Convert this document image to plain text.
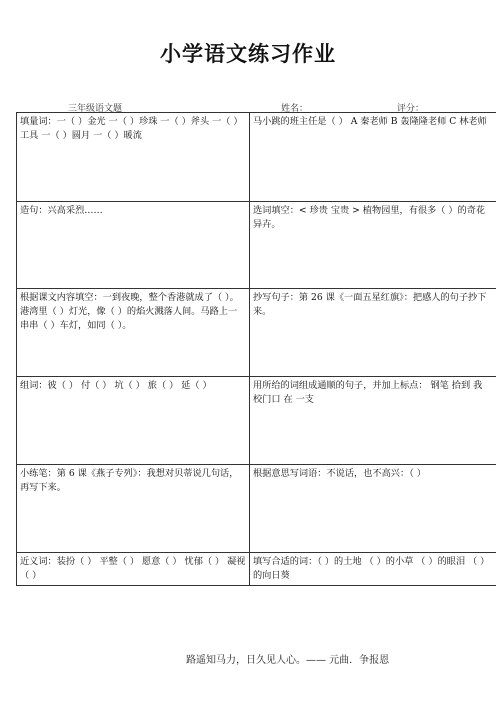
小学语文练习作业
三年级语文题	姓名：	评分：
填量词：一（ ）金光 一（ ）珍珠 一（ ）斧头 一（ ）工具 一（ ）圆月 一（ ）暖流	马小跳的班主任是（ ） A 秦老师 B 轰隆隆老师 C 林老师

造句：兴高采烈……	选词填空：< 珍贵 宝贵 > 植物园里，有很多（ ）的奇花异卉。

根据课文内容填空：一到夜晚，整个香港就成了（ ）。港湾里（ ）灯光，像（ ）的焰火溅落人间。马路上一串串（ ）车灯，如同（ ）。	抄写句子：第 26 课《一面五星红旗》：把感人的句子抄下来。

组词：彼（ ） 付（ ） 坑（ ） 旅（ ） 延（ ）	用所给的词组成通顺的句子，并加上标点： 钢笔 拾到 我 校门口 在 一支

小练笔：第 6 课《燕子专列》：我想对贝蒂说几句话，再写下来。	根据意思写词语：不说话，也不高兴：（ ）

近义词：装扮（ ） 平整（ ） 愿意（ ） 忧郁（ ） 凝视（ ）	填写合适的词：（ ）的土地 （ ）的小草 （ ）的眼泪 （ ）的向日葵
路遥知马力，日久见人心。—— 元曲．争报恩
